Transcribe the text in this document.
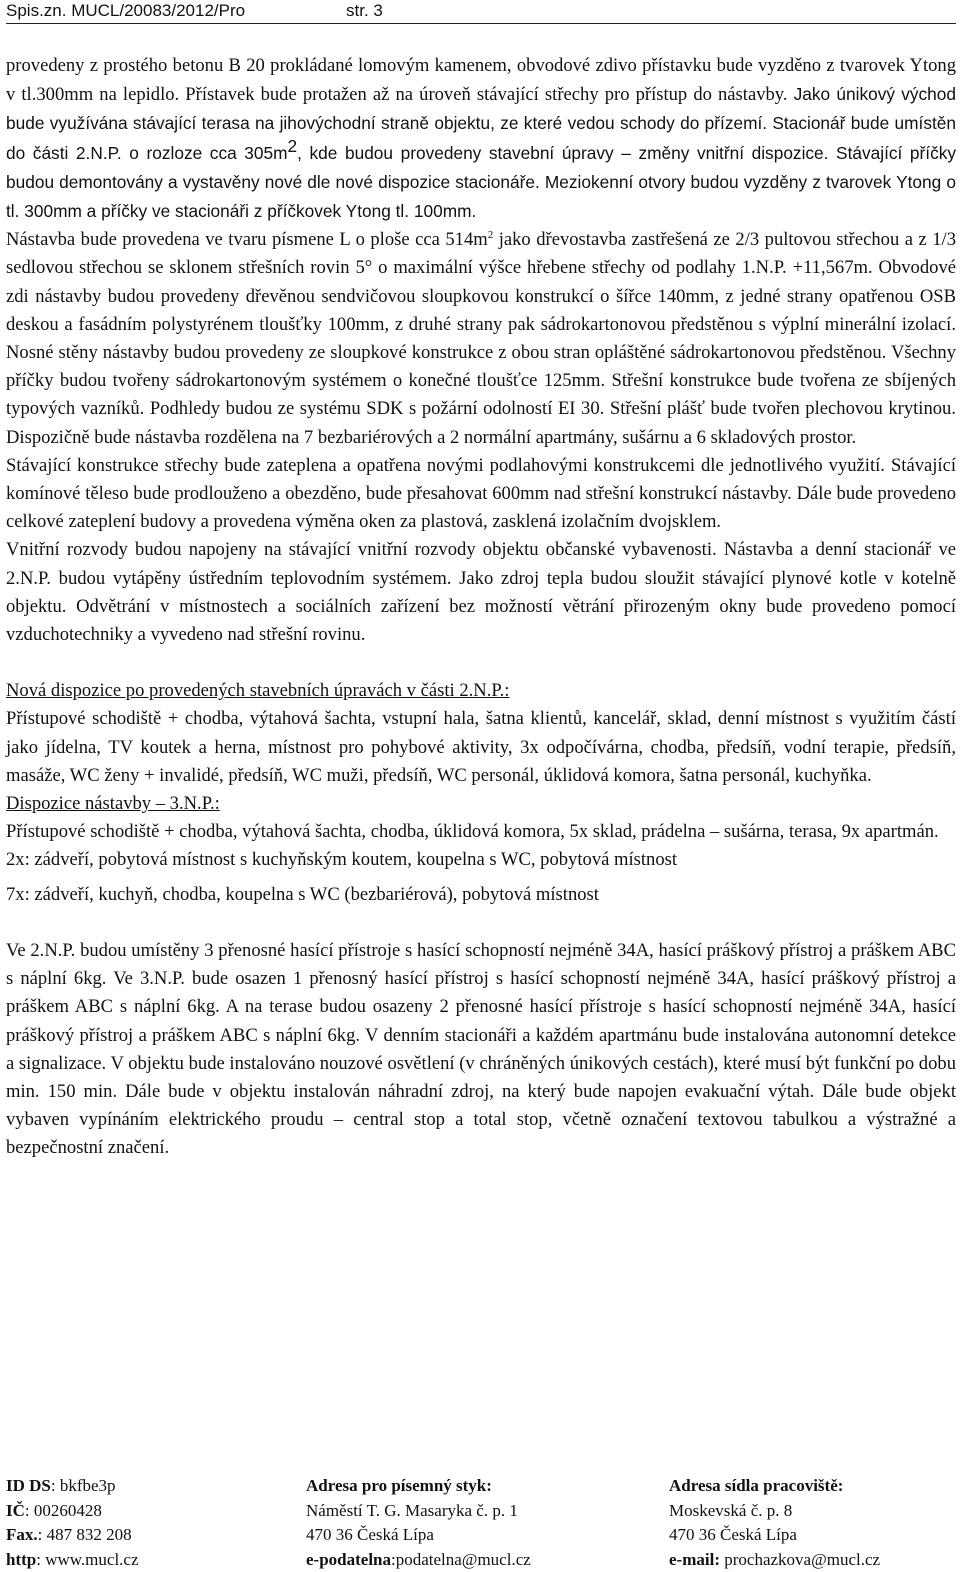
Spis.zn. MUCL/20083/2012/Pro	str. 3

provedeny z prostého betonu B 20 prokládané lomovým kamenem, obvodové zdivo přístavku bude vyzděno z tvarovek Ytong v tl.300mm na lepidlo. Přístavek bude protažen až na úroveň stávající střechy pro přístup do nástavby. Jako únikový východ bude využívána stávající terasa na jihovýchodní straně objektu, ze které vedou schody do přízemí. Stacionář bude umístěn do části 2.N.P. o rozloze cca $305m^2$, kde budou provedeny stavební úpravy – změny vnitřní dispozice. Stávající příčky budou demontovány a vystavěny nové dle nové dispozice stacionáře. Meziokenní otvory budou vyzděny z tvarovek Ytong o tl. 300mm a příčky ve stacionáři z příčkovek Ytong tl. 100mm.

Nástavba bude provedena ve tvaru písmene L o ploše cca $514m^2$ jako dřevostavba zastřešená ze 2/3 pultovou střechou a z 1/3 sedlovou střechou se sklonem střešních rovin 5° o maximální výšce hřebene střechy od podlahy 1.N.P. +11,567m. Obvodové zdi nástavby budou provedeny dřevěnou sendvičovou sloupkovou konstrukcí o šířce 140mm, z jedné strany opatřenou OSB deskou a fasádním polystyrénem tloušťky 100mm, z druhé strany pak sádrokartonovou předstěnou s výplní minerální izolací. Nosné stěny nástavby budou provedeny ze sloupkové konstrukce z obou stran opláštěné sádrokartonovou předstěnou. Všechny příčky budou tvořeny sádrokartonovým systémem o konečné tloušťce 125mm. Střešní konstrukce bude tvořena ze sbíjených typových vazníků. Podhledy budou ze systému SDK s požární odolností EI 30. Střešní plášť bude tvořen plechovou krytinou. Dispozičně bude nástavba rozdělena na 7 bezbariérových a 2 normální apartmány, sušárnu a 6 skladových prostor.

Stávající konstrukce střechy bude zateplena a opatřena novými podlahovými konstrukcemi dle jednotlivého využití. Stávající komínové těleso bude prodlouženo a obezděno, bude přesahovat 600mm nad střešní konstrukcí nástavby. Dále bude provedeno celkové zateplení budovy a provedena výměna oken za plastová, zasklená izolačním dvojsklem.

Vnitřní rozvody budou napojeny na stávající vnitřní rozvody objektu občanské vybavenosti. Nástavba a denní stacionář ve 2.N.P. budou vytápěny ústředním teplovodním systémem. Jako zdroj tepla budou sloužit stávající plynové kotle v kotelně objektu. Odvětrání v místnostech a sociálních zařízení bez možností větrání přirozeným okny bude provedeno pomocí vzduchotechniky a vyvedeno nad střešní rovinu.

Nová dispozice po provedených stavebních úpravách v části 2.N.P.:

Přístupové schodiště + chodba, výtahová šachta, vstupní hala, šatna klientů, kancelář, sklad, denní místnost s využitím částí jako jídelna, TV koutek a herna, místnost pro pohybové aktivity, 3x odpočívárna, chodba, předsíň, vodní terapie, předsíň, masáže, WC ženy + invalidé, předsíň, WC muži, předsíň, WC personál, úklidová komora, šatna personál, kuchyňka.

Dispozice nástavby – 3.N.P.:

Přístupové schodiště + chodba, výtahová šachta, chodba, úklidová komora, 5x sklad, prádelna – sušárna, terasa, 9x apartmán.

2x: zádveří, pobytová místnost s kuchyňským koutem, koupelna s WC, pobytová místnost

7x: zádveří, kuchyň, chodba, koupelna s WC (bezbariérová), pobytová místnost

Ve 2.N.P. budou umístěny 3 přenosné hasící přístroje s hasící schopností nejméně 34A, hasící práškový přístroj a práškem ABC s náplní 6kg. Ve 3.N.P. bude osazen 1 přenosný hasící přístroj s hasící schopností nejméně 34A, hasící práškový přístroj a práškem ABC s náplní 6kg. A na terase budou osazeny 2 přenosné hasící přístroje s hasící schopností nejméně 34A, hasící práškový přístroj a práškem ABC s náplní 6kg. V denním stacionáři a každém apartmánu bude instalována autonomní detekce a signalizace. V objektu bude instalováno nouzové osvětlení (v chráněných únikových cestách), které musí být funkční po dobu min. 150 min. Dále bude v objektu instalován náhradní zdroj, na který bude napojen evakuační výtah. Dále bude objekt vybaven vypínáním elektrického proudu – central stop a total stop, včetně označení textovou tabulkou a výstražné a bezpečnostní značení.

ID DS: bkfbe3p
IČ: 00260428
Fax.: 487 832 208
http: www.mucl.cz
Adresa pro písemný styk:
Náměstí T. G. Masaryka č. p. 1
470 36 Česká Lípa
e-podatelna:podatelna@mucl.cz
Adresa sídla pracoviště:
Moskevská č. p. 8
470 36 Česká Lípa
e-mail: prochazkova@mucl.cz
